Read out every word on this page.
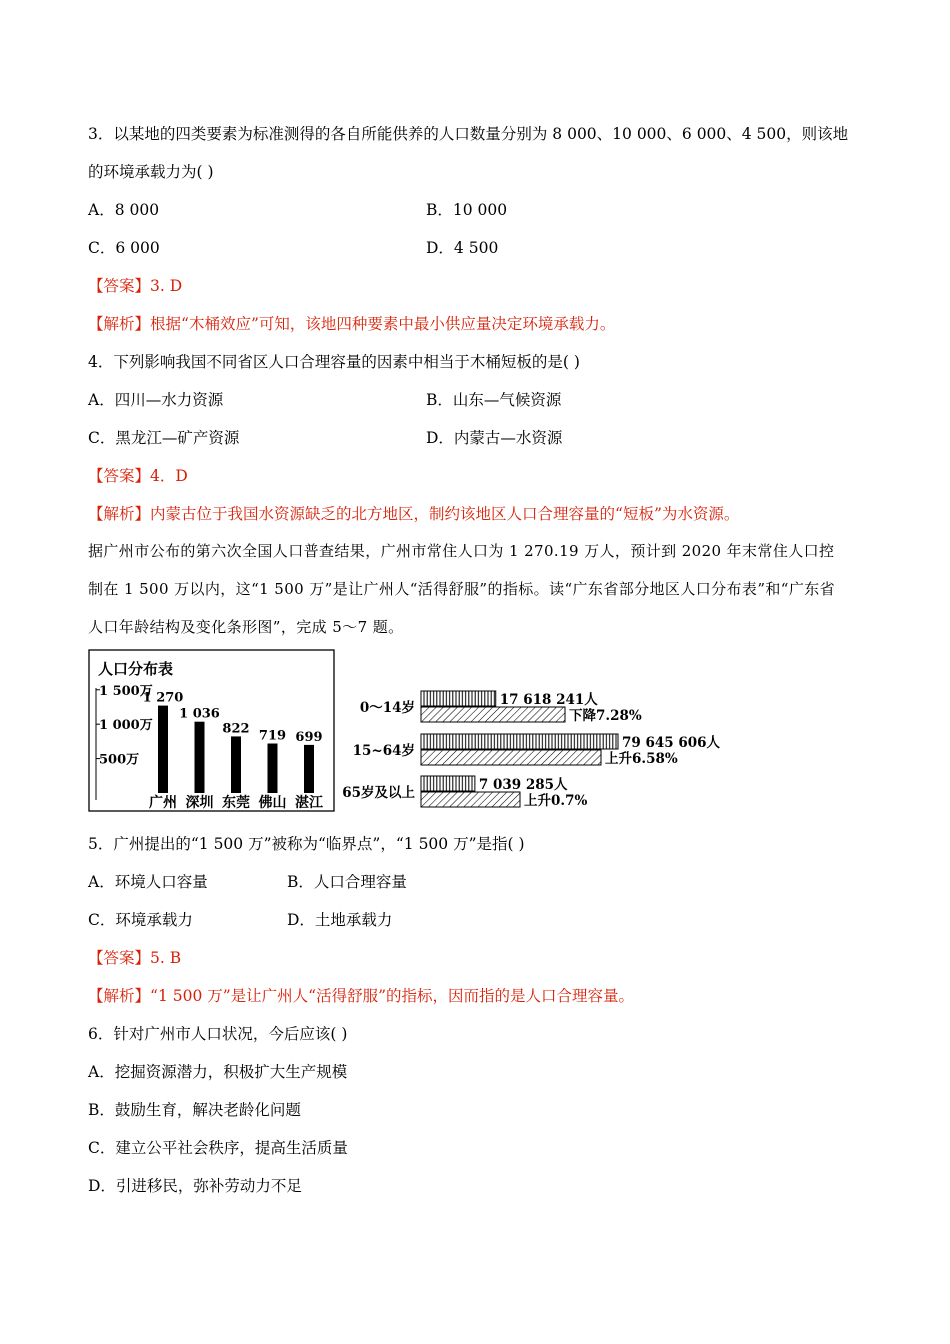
3．以某地的四类要素为标准测得的各自所能供养的人口数量分别为 8 000、10 000、6 000、4 500，则该地
的环境承载力为( )
A．8 000	B．10 000
C．6 000	D．4 500
【答案】3. D
【解析】根据“木桶效应”可知，该地四种要素中最小供应量决定环境承载力。
4．下列影响我国不同省区人口合理容量的因素中相当于木桶短板的是( )
A．四川—水力资源	B．山东—气候资源
C．黑龙江—矿产资源	D．内蒙古—水资源
【答案】4．D
【解析】内蒙古位于我国水资源缺乏的北方地区，制约该地区人口合理容量的“短板”为水资源。
据广州市公布的第六次全国人口普查结果，广州市常住人口为 1 270.19 万人，预计到 2020 年末常住人口控
制在 1 500 万以内，这“1 500 万”是让广州人“活得舒服”的指标。读“广东省部分地区人口分布表”和“广东省
人口年龄结构及变化条形图”，完成 5～7 题。
人口分布表
1 500万
1 000万
500万
1 270
广州
1 036
深圳
822
东莞
719
佛山
699
湛江
0～14岁	17 618 241人
下降7.28%
15~64岁	79 645 606人
上升6.58%
65岁及以上	7 039 285人
上升0.7%
5．广州提出的“1 500 万”被称为“临界点”，“1 500 万”是指( )
A．环境人口容量	B．人口合理容量
C．环境承载力	D．土地承载力
【答案】5. B
【解析】“1 500 万”是让广州人“活得舒服”的指标，因而指的是人口合理容量。
6．针对广州市人口状况，今后应该( )
A．挖掘资源潜力，积极扩大生产规模
B．鼓励生育，解决老龄化问题
C．建立公平社会秩序，提高生活质量
D．引进移民，弥补劳动力不足
